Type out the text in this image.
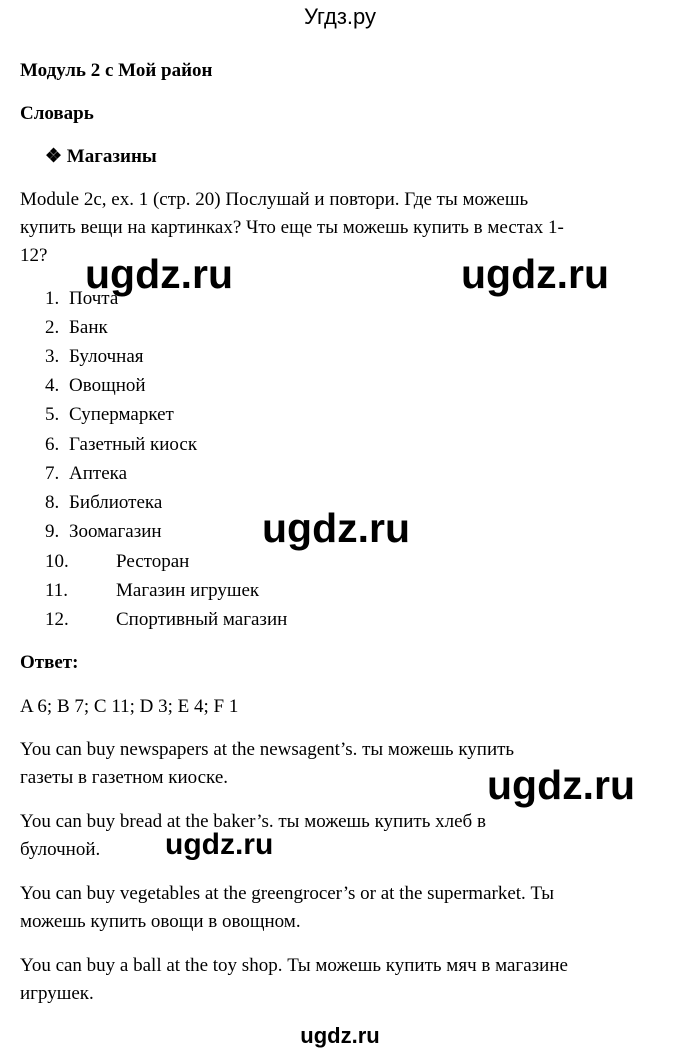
Угдз.ру
Модуль 2 с Мой район
Словарь
❖ Магазины
Module 2c, ex. 1 (стр. 20) Послушай и повтори. Где ты можешь
купить вещи на картинках? Что еще ты можешь купить в местах 1-
12?
1. Почта
2. Банк
3. Булочная
4. Овощной
5. Супермаркет
6. Газетный киоск
7. Аптека
8. Библиотека
9. Зоомагазин
10. Ресторан
11.	Магазин игрушек
12. Спортивный магазин
Ответ:
A 6; B 7; C 11; D 3; E 4; F 1
You can buy newspapers at the newsagent’s. ты можешь купить
газеты в газетном киоске.
You can buy bread at the baker’s. ты можешь купить хлеб в
булочной.
You can buy vegetables at the greengrocer’s or at the supermarket. Ты
можешь купить овощи в овощном.
You can buy a ball at the toy shop. Ты можешь купить мяч в магазине
игрушек.
ugdz.ru	ugdz.ru
ugdz.ru
ugdz.ru
ugdz.ru
ugdz.ru
